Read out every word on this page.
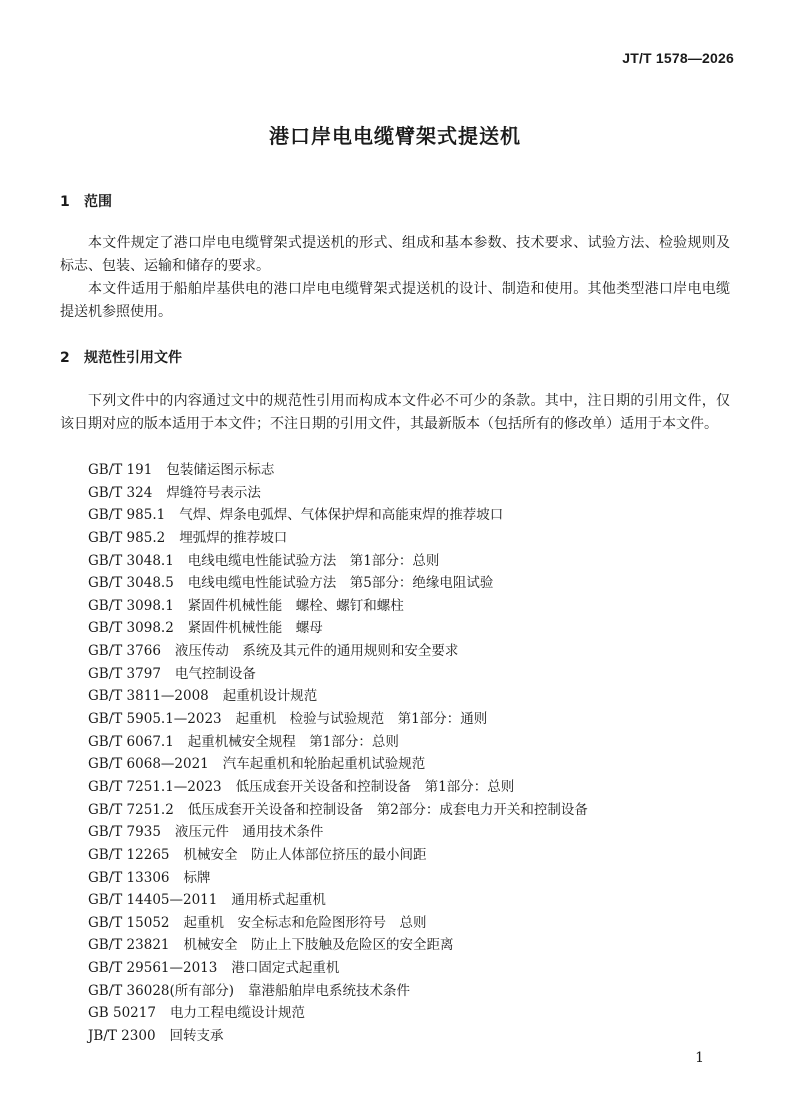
JT/T 1578—2026
港口岸电电缆臂架式提送机
1 范围
本文件规定了港口岸电电缆臂架式提送机的形式、组成和基本参数、技术要求、试验方法、检验规则及标志、包装、运输和储存的要求。
本文件适用于船舶岸基供电的港口岸电电缆臂架式提送机的设计、制造和使用。其他类型港口岸电电缆提送机参照使用。
2 规范性引用文件
下列文件中的内容通过文中的规范性引用而构成本文件必不可少的条款。其中，注日期的引用文件，仅该日期对应的版本适用于本文件；不注日期的引用文件，其最新版本（包括所有的修改单）适用于本文件。
GB/T 191 包装储运图示标志
GB/T 324 焊缝符号表示法
GB/T 985.1 气焊、焊条电弧焊、气体保护焊和高能束焊的推荐坡口
GB/T 985.2 埋弧焊的推荐坡口
GB/T 3048.1 电线电缆电性能试验方法　第1部分：总则
GB/T 3048.5 电线电缆电性能试验方法　第5部分：绝缘电阻试验
GB/T 3098.1 紧固件机械性能　螺栓、螺钉和螺柱
GB/T 3098.2 紧固件机械性能　螺母
GB/T 3766 液压传动　系统及其元件的通用规则和安全要求
GB/T 3797 电气控制设备
GB/T 3811—2008 起重机设计规范
GB/T 5905.1—2023 起重机　检验与试验规范　第1部分：通则
GB/T 6067.1 起重机械安全规程　第1部分：总则
GB/T 6068—2021 汽车起重机和轮胎起重机试验规范
GB/T 7251.1—2023 低压成套开关设备和控制设备　第1部分：总则
GB/T 7251.2 低压成套开关设备和控制设备　第2部分：成套电力开关和控制设备
GB/T 7935 液压元件　通用技术条件
GB/T 12265 机械安全　防止人体部位挤压的最小间距
GB/T 13306 标牌
GB/T 14405—2011 通用桥式起重机
GB/T 15052 起重机　安全标志和危险图形符号　总则
GB/T 23821 机械安全　防止上下肢触及危险区的安全距离
GB/T 29561—2013 港口固定式起重机
GB/T 36028(所有部分) 靠港船舶岸电系统技术条件
GB 50217 电力工程电缆设计规范
JB/T 2300 回转支承
1
